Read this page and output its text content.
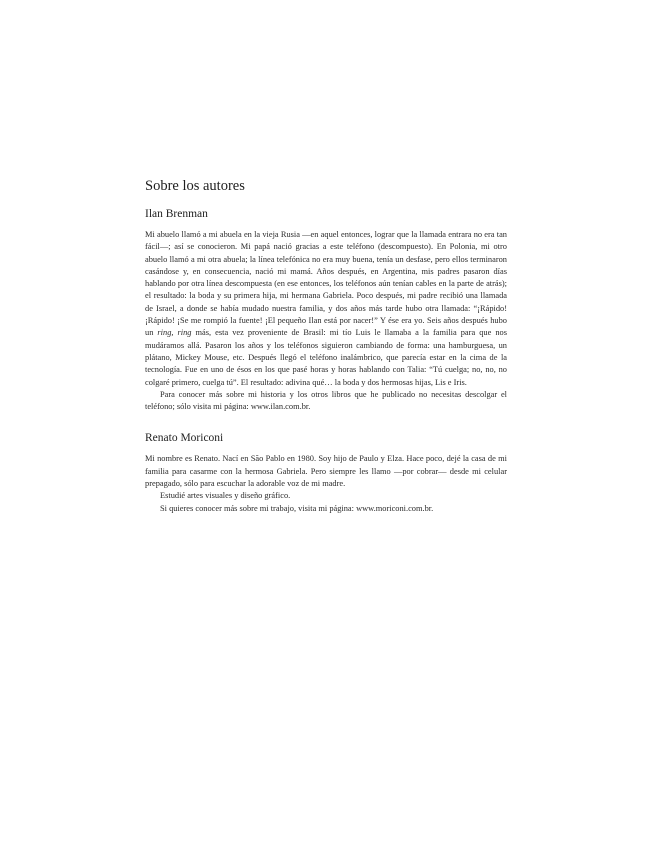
Sobre los autores
Ilan Brenman

Mi abuelo llamó a mi abuela en la vieja Rusia —en aquel entonces, lograr que la llamada entrara no era tan fácil—; así se conocieron. Mi papá nació gracias a este teléfono (descompuesto). En Polonia, mi otro abuelo llamó a mi otra abuela; la línea telefónica no era muy buena, tenía un desfase, pero ellos terminaron casándose y, en consecuencia, nació mi mamá. Años después, en Argentina, mis padres pasaron días hablando por otra línea descompuesta (en ese entonces, los teléfonos aún tenían cables en la parte de atrás); el resultado: la boda y su primera hija, mi hermana Gabriela. Poco después, mi padre recibió una llamada de Israel, a donde se había mudado nuestra familia, y dos años más tarde hubo otra llamada: “¡Rápido! ¡Rápido! ¡Se me rompió la fuente! ¡El pequeño Ilan está por nacer!” Y ése era yo. Seis años después hubo un ring, ring más, esta vez proveniente de Brasil: mi tío Luis le llamaba a la familia para que nos mudáramos allá. Pasaron los años y los teléfonos siguieron cambiando de forma: una hamburguesa, un plátano, Mickey Mouse, etc. Después llegó el teléfono inalámbrico, que parecía estar en la cima de la tecnología. Fue en uno de ésos en los que pasé horas y horas hablando con Talia: “Tú cuelga; no, no, no colgaré primero, cuelga tú”. El resultado: adivina qué… la boda y dos hermosas hijas, Lis e Iris.

Para conocer más sobre mi historia y los otros libros que he publicado no necesitas descolgar el teléfono; sólo visita mi página: www.ilan.com.br.

Renato Moriconi

Mi nombre es Renato. Nací en São Pablo en 1980. Soy hijo de Paulo y Elza. Hace poco, dejé la casa de mi familia para casarme con la hermosa Gabriela. Pero siempre les llamo —por cobrar— desde mi celular prepagado, sólo para escuchar la adorable voz de mi madre.

Estudié artes visuales y diseño gráfico.

Si quieres conocer más sobre mi trabajo, visita mi página: www.moriconi.com.br.
